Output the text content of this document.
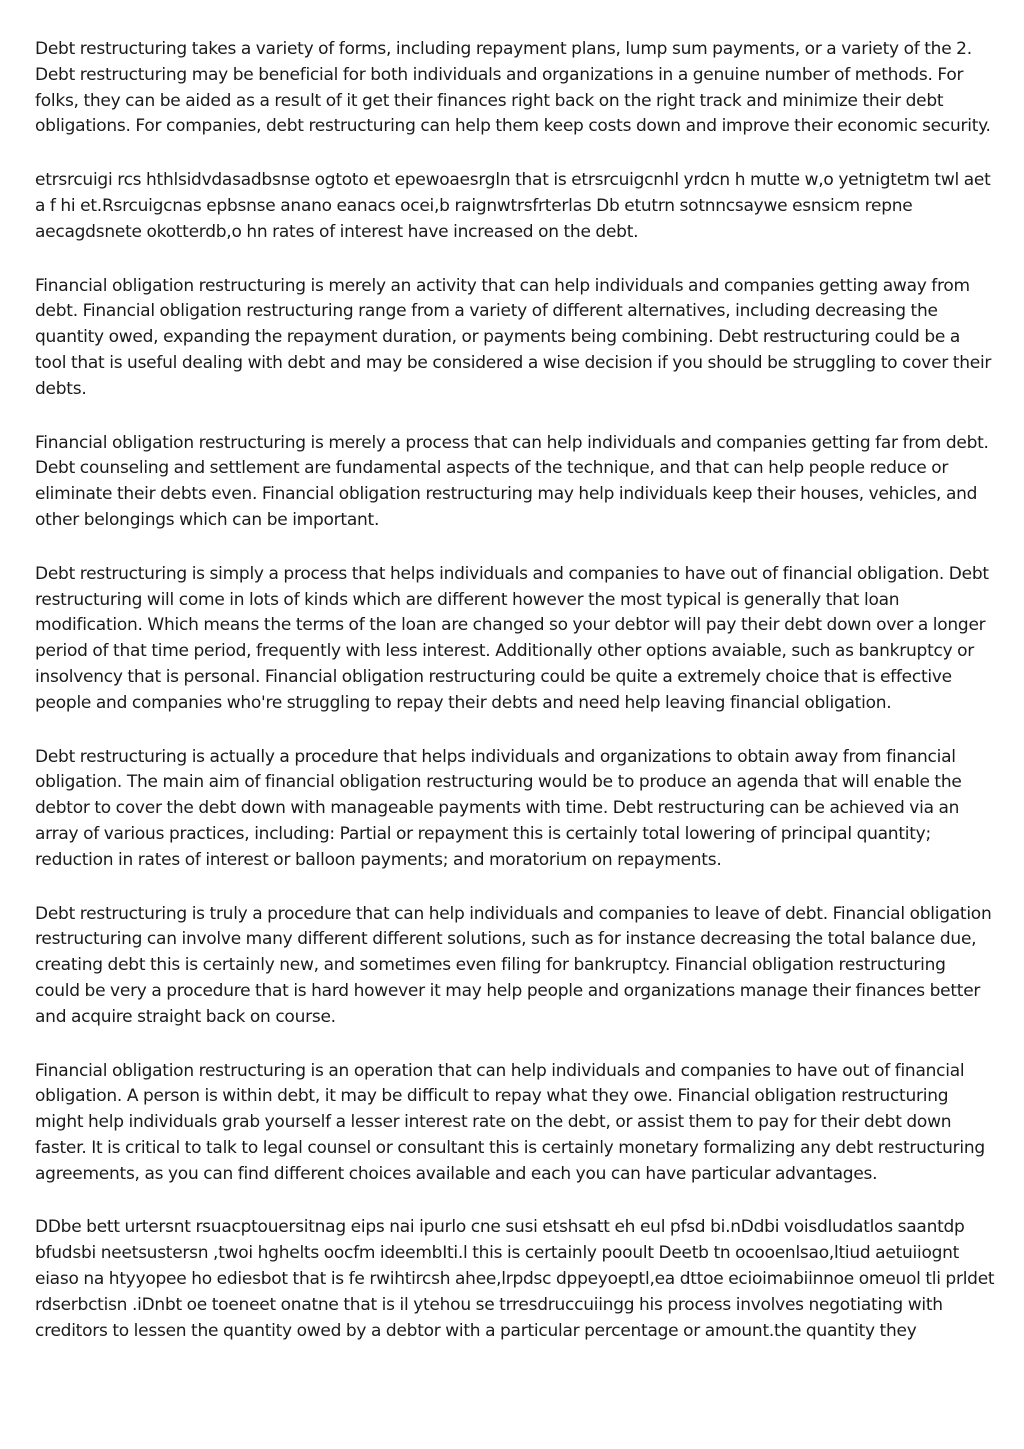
Debt restructuring takes a variety of forms, including repayment plans, lump sum payments, or a variety of the 2. Debt restructuring may be beneficial for both individuals and organizations in a genuine number of methods. For folks, they can be aided as a result of it get their finances right back on the right track and minimize their debt obligations. For companies, debt restructuring can help them keep costs down and improve their economic security.

etrsrcuigi rcs hthlsidvdasadbsnse ogtoto et epewoaesrgln that is etrsrcuigcnhl yrdcn h mutte w,o yetnigtetm twl aet a f hi et.Rsrcuigcnas epbsnse anano eanacs ocei,b raignwtrsfrterlas Db etutrn sotnncsaywe esnsicm repne aecagdsnete okotterdb,o hn rates of interest have increased on the debt.

Financial obligation restructuring is merely an activity that can help individuals and companies getting away from debt. Financial obligation restructuring range from a variety of different alternatives, including decreasing the quantity owed, expanding the repayment duration, or payments being combining. Debt restructuring could be a tool that is useful dealing with debt and may be considered a wise decision if you should be struggling to cover their debts.

Financial obligation restructuring is merely a process that can help individuals and companies getting far from debt. Debt counseling and settlement are fundamental aspects of the technique, and that can help people reduce or eliminate their debts even. Financial obligation restructuring may help individuals keep their houses, vehicles, and other belongings which can be important.

Debt restructuring is simply a process that helps individuals and companies to have out of financial obligation. Debt restructuring will come in lots of kinds which are different however the most typical is generally that loan modification. Which means the terms of the loan are changed so your debtor will pay their debt down over a longer period of that time period, frequently with less interest. Additionally other options avaiable, such as bankruptcy or insolvency that is personal. Financial obligation restructuring could be quite a extremely choice that is effective people and companies who're struggling to repay their debts and need help leaving financial obligation.

Debt restructuring is actually a procedure that helps individuals and organizations to obtain away from financial obligation. The main aim of financial obligation restructuring would be to produce an agenda that will enable the debtor to cover the debt down with manageable payments with time. Debt restructuring can be achieved via an array of various practices, including: Partial or repayment this is certainly total lowering of principal quantity; reduction in rates of interest or balloon payments; and moratorium on repayments.

Debt restructuring is truly a procedure that can help individuals and companies to leave of debt. Financial obligation restructuring can involve many different different solutions, such as for instance decreasing the total balance due, creating debt this is certainly new, and sometimes even filing for bankruptcy. Financial obligation restructuring could be very a procedure that is hard however it may help people and organizations manage their finances better and acquire straight back on course.

Financial obligation restructuring is an operation that can help individuals and companies to have out of financial obligation. A person is within debt, it may be difficult to repay what they owe. Financial obligation restructuring might help individuals grab yourself a lesser interest rate on the debt, or assist them to pay for their debt down faster. It is critical to talk to legal counsel or consultant this is certainly monetary formalizing any debt restructuring agreements, as you can find different choices available and each you can have particular advantages.

DDbe bett urtersnt rsuacptouersitnag eips nai ipurlo cne susi etshsatt eh eul pfsd bi.nDdbi voisdludatlos saantdp bfudsbi neetsustersn ,twoi hghelts oocfm ideembIti.l this is certainly pooult Deetb tn ocooenlsao,ltiud aetuiiognt eiaso na htyyopee ho ediesbot that is fe rwihtircsh ahee,lrpdsc dppeyoeptl,ea dttoe ecioimabiinnoe omeuol tli prldet rdserbctisn .iDnbt oe toeneet onatne that is il ytehou se trresdruccuiingg his process involves negotiating with creditors to lessen the quantity owed by a debtor with a particular percentage or amount.the quantity they
